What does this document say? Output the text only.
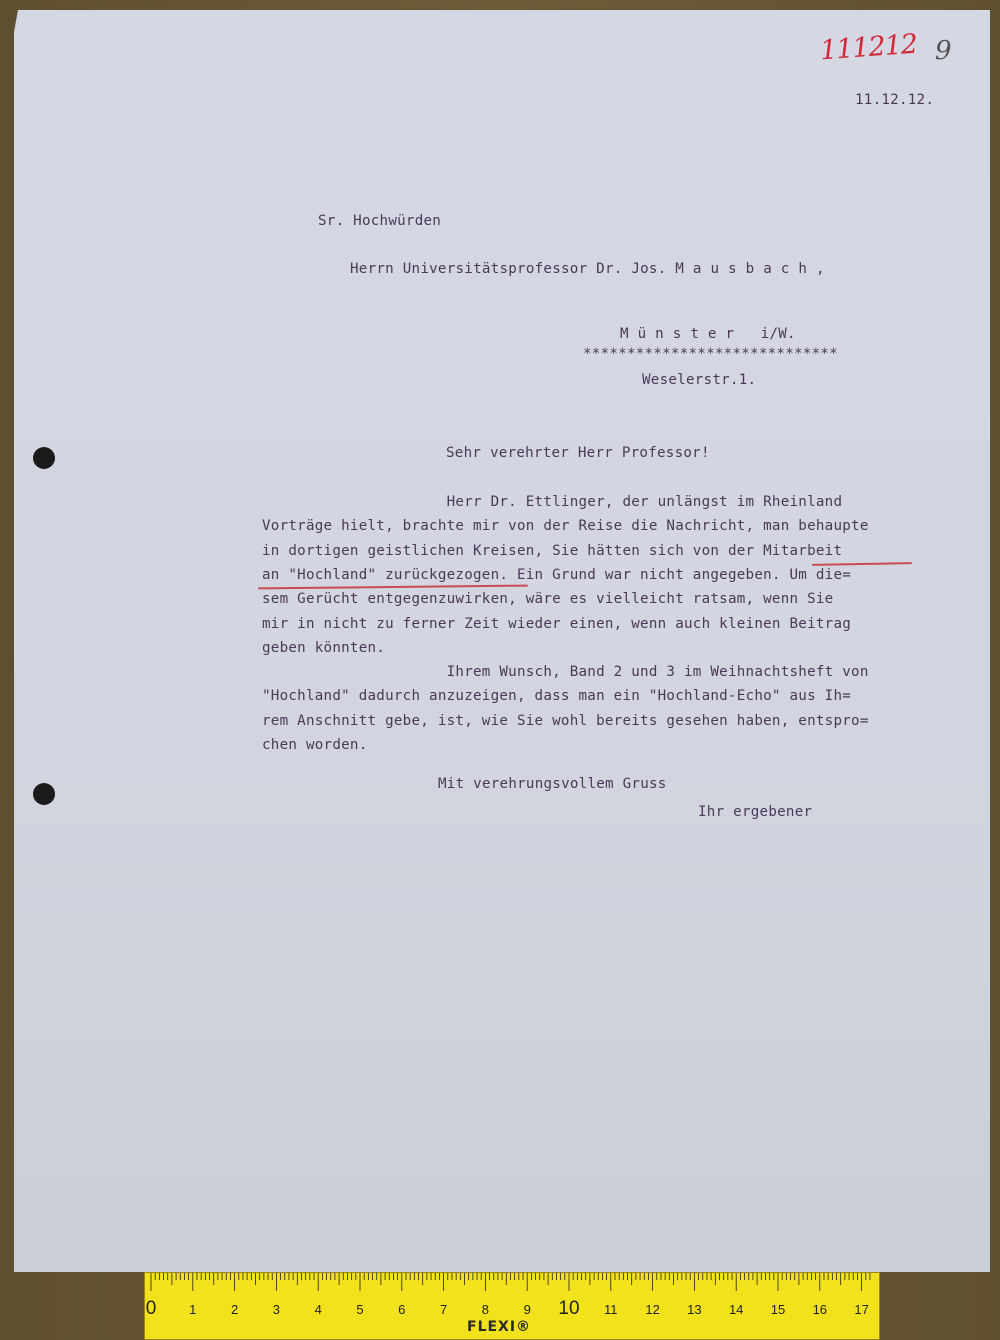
111212 9

11.12.12.

Sr. Hochwürden

Herrn Universitätsprofessor Dr. Jos. M a u s b a c h ,

M ü n s t e r   i/W.

*****************************

Weselerstr.1.

Sehr verehrter Herr Professor!

Herr Dr. Ettlinger, der unlängst im Rheinland

Vorträge hielt, brachte mir von der Reise die Nachricht, man behaupte

in dortigen geistlichen Kreisen, Sie hätten sich von der Mitarbeit

an "Hochland" zurückgezogen. Ein Grund war nicht angegeben. Um die=

sem Gerücht entgegenzuwirken, wäre es vielleicht ratsam, wenn Sie

mir in nicht zu ferner Zeit wieder einen, wenn auch kleinen Beitrag

geben könnten.

Ihrem Wunsch, Band 2 und 3 im Weihnachtsheft von

"Hochland" dadurch anzuzeigen, dass man ein "Hochland-Echo" aus Ih=

rem Anschnitt gebe, ist, wie Sie wohl bereits gesehen haben, entspro=

chen worden.

Mit verehrungsvollem Gruss

Ihr ergebener

0	1	2	3	4	5	6	7	8	9 10 11 12 13 14 15 16 17
FLEXI®
